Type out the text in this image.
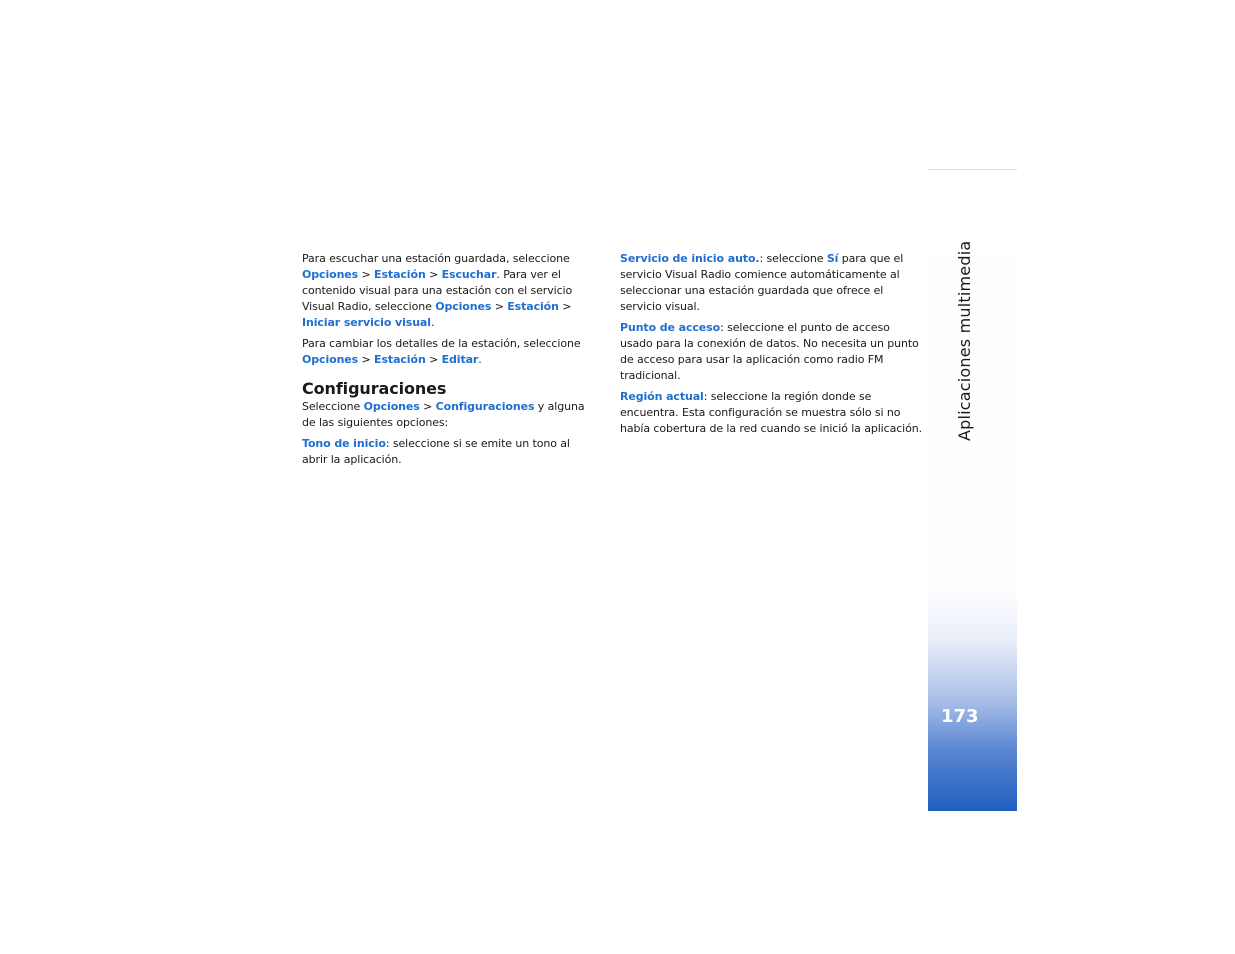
Para escuchar una estación guardada, seleccione Opciones > Estación > Escuchar. Para ver el contenido visual para una estación con el servicio Visual Radio, seleccione Opciones > Estación > Iniciar servicio visual.

Para cambiar los detalles de la estación, seleccione Opciones > Estación > Editar.

Configuraciones

Seleccione Opciones > Configuraciones y alguna de las siguientes opciones:

Tono de inicio: seleccione si se emite un tono al abrir la aplicación.

Servicio de inicio auto.: seleccione Sí para que el servicio Visual Radio comience automáticamente al seleccionar una estación guardada que ofrece el servicio visual.

Punto de acceso: seleccione el punto de acceso usado para la conexión de datos. No necesita un punto de acceso para usar la aplicación como radio FM tradicional.

Región actual: seleccione la región donde se encuentra. Esta configuración se muestra sólo si no había cobertura de la red cuando se inició la aplicación. Aplicaciones multimedia
173
